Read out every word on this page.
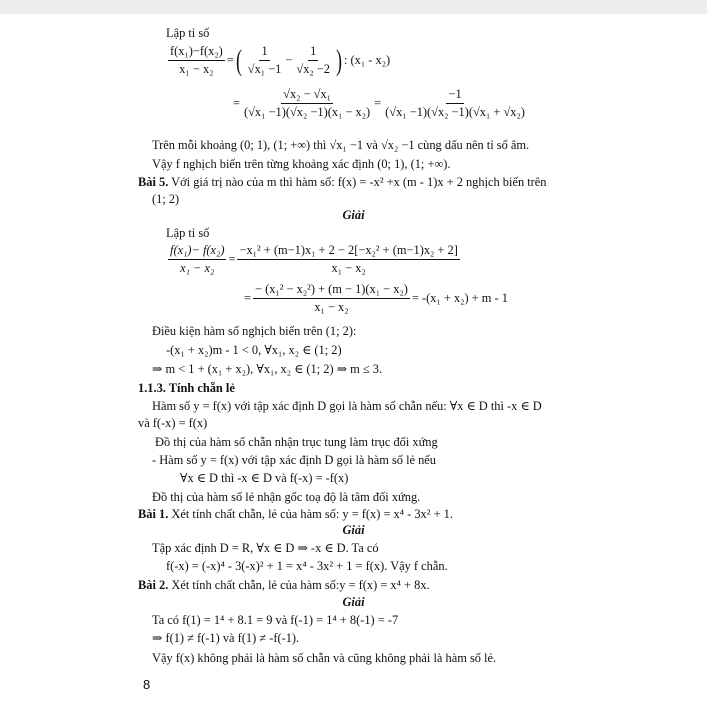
Lập tỉ số
$\frac{\text{f(x₁)−f(x₂)}}{\text{x₁ − x₂}}$ = ( $\frac{1}{\text{√x₁ −1}} - \frac{1}{\text{√x₂ −2}}$ ) : (x₁ - x₂)
= $\frac{\text{√x₂ − √x₁}}{\text{(√x₁ −1)(√x₂ −1)(x₁ − x₂)}} = \frac{-1}{\text{(√x₁ −1)(√x₂ −1)(√x₁ + √x₂)}}$
Trên mỗi khoảng (0; 1), (1; +∞) thì √x₁ −1 và √x₂ −1 cùng dấu nên tỉ số âm.
Vậy f nghịch biến trên từng khoảng xác định (0; 1), (1; +∞).
Bài 5. Với giá trị nào của m thì hàm số: f(x) = -x² +x (m - 1)x + 2 nghịch biến trên
(1; 2)
Giải
Lập tỉ số
$\frac{\text{f(x₁)− f(x₂)}}{\text{x₁ − x₂}} = \frac{\text{−x₁² + (m−1)x₁ + 2 − 2[−x₂² + (m−1)x₂ + 2]}}{\text{x₁ − x₂}}$
= $\frac{\text{− (x₁² − x₂²) + (m − 1)(x₁ − x₂)}}{\text{x₁ − x₂}} = -(x_1 + x_2) + m - 1$
Điều kiện hàm số nghịch biến trên (1; 2):
-(x₁ + x₂)m - 1 < 0, ∀x₁, x₂ ∈ (1; 2)
⇒ m < 1 + (x₁ + x₂), ∀x₁, x₂ ∈ (1; 2) ⇒ m ≤ 3.
1.1.3. Tính chẵn lẻ
Hàm số y = f(x) với tập xác định D gọi là hàm số chẵn nếu: ∀x ∈ D thì -x ∈ D
và f(-x) = f(x)
Đồ thị của hàm số chẵn nhận trục tung làm trục đối xứng
- Hàm số y = f(x) với tập xác định D gọi là hàm số lẻ nếu
∀x ∈ D thì -x ∈ D và f(-x) = -f(x)
Đồ thị của hàm số lẻ nhận gốc toạ độ là tâm đối xứng.
Bài 1. Xét tính chất chẵn, lẻ của hàm số: y = f(x) = x⁴ - 3x² + 1.
Giải
Tập xác định D = R, ∀x ∈ D ⇒ -x ∈ D. Ta có
f(-x) = (-x)⁴ - 3(-x)² + 1 = x⁴ - 3x² + 1 = f(x). Vậy f chẵn.
Bài 2. Xét tính chất chẵn, lẻ của hàm số:y = f(x) = x⁴ + 8x.
Giải
Ta có f(1) = 1⁴ + 8.1 = 9 và f(-1) = 1⁴ + 8(-1) = -7
⇒ f(1) ≠ f(-1) và f(1) ≠ -f(-1).
Vậy f(x) không phải là hàm số chẵn và cũng không phải là hàm số lẻ.
8
